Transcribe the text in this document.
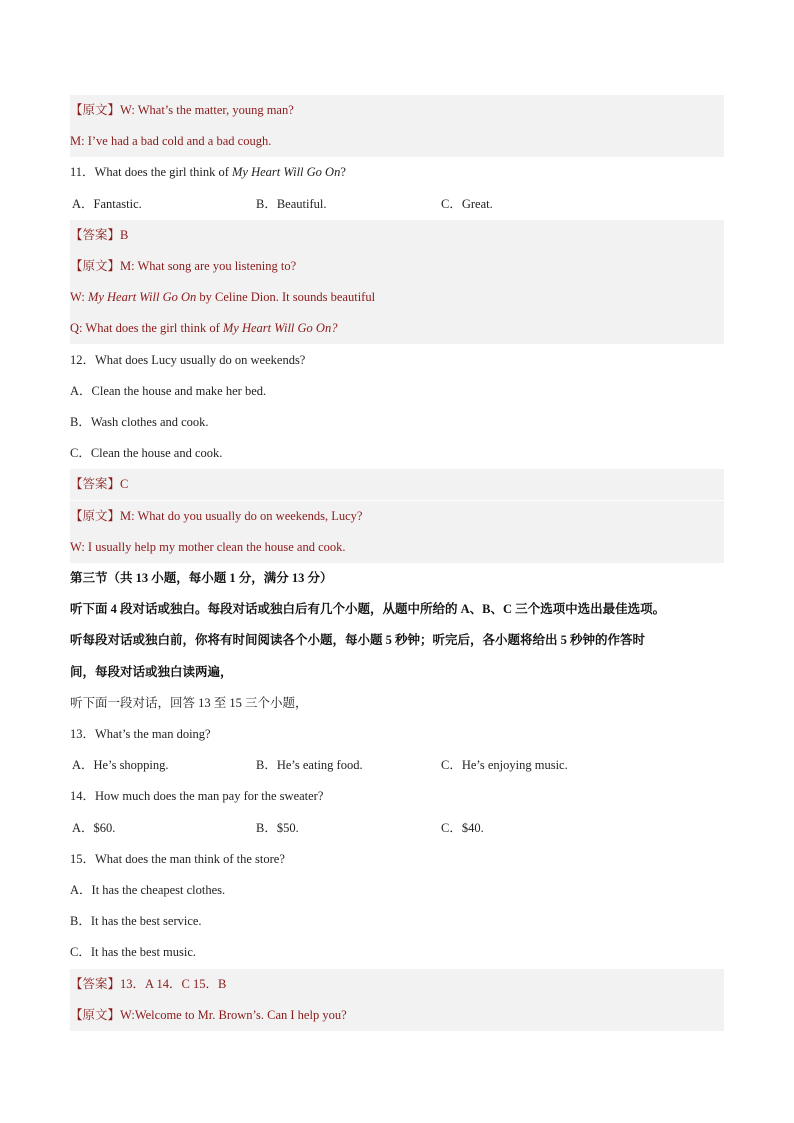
【原文】W: What’s the matter, young man?
M: I’ve had a bad cold and a bad cough.
11．What does the girl think of My Heart Will Go On?
A．Fantastic.	B．Beautiful.	C．Great.
【答案】B
【原文】M: What song are you listening to?
W: My Heart Will Go On by Celine Dion. It sounds beautiful
Q: What does the girl think of My Heart Will Go On?
12．What does Lucy usually do on weekends?
A．Clean the house and make her bed.
B．Wash clothes and cook.
C．Clean the house and cook.
【答案】C
【原文】M: What do you usually do on weekends, Lucy?
W: I usually help my mother clean the house and cook.
第三节（共 13 小题，每小题 1 分，满分 13 分）
听下面 4 段对话或独白。每段对话或独白后有几个小题，从题中所给的 A、B、C 三个选项中选出最佳选项。
听每段对话或独白前，你将有时间阅读各个小题，每小题 5 秒钟；听完后，各小题将给出 5 秒钟的作答时
间，每段对话或独白读两遍，
听下面一段对话，回答 13 至 15 三个小题，
13．What’s the man doing?
A．He’s shopping.	B．He’s eating food.	C．He’s enjoying music.
14．How much does the man pay for the sweater?
A．$60.	B．$50.	C．$40.
15．What does the man think of the store?
A．It has the cheapest clothes.
B．It has the best service.
C．It has the best music.
【答案】13．A 14．C 15．B
【原文】W:Welcome to Mr. Brown’s. Can I help you?
